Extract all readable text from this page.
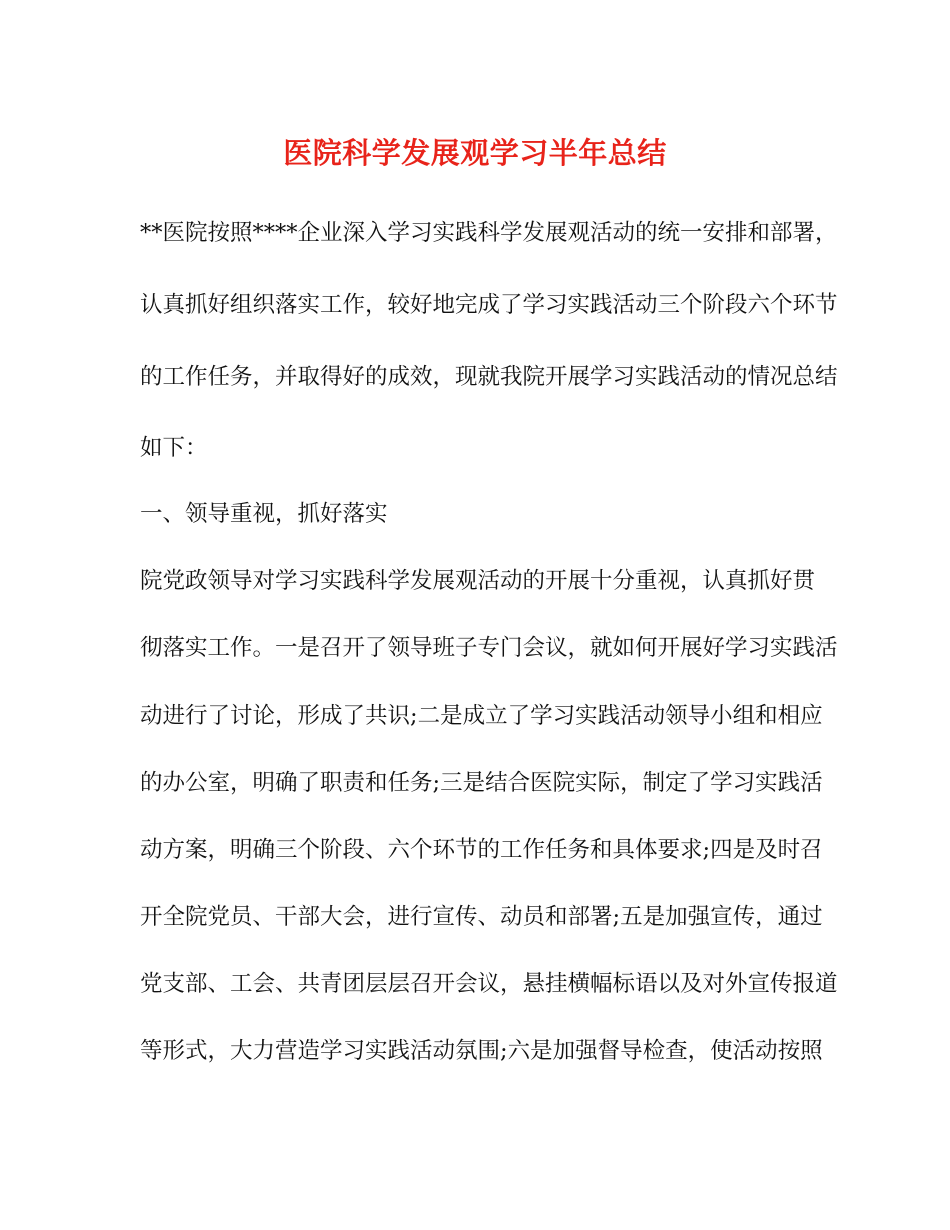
医院科学发展观学习半年总结
**医院按照****企业深入学习实践科学发展观活动的统一安排和部署，
认真抓好组织落实工作，较好地完成了学习实践活动三个阶段六个环节
的工作任务，并取得好的成效，现就我院开展学习实践活动的情况总结
如下：
一、领导重视，抓好落实
院党政领导对学习实践科学发展观活动的开展十分重视，认真抓好贯
彻落实工作。一是召开了领导班子专门会议，就如何开展好学习实践活
动进行了讨论，形成了共识;二是成立了学习实践活动领导小组和相应
的办公室，明确了职责和任务;三是结合医院实际，制定了学习实践活
动方案，明确三个阶段、六个环节的工作任务和具体要求;四是及时召
开全院党员、干部大会，进行宣传、动员和部署;五是加强宣传，通过
党支部、工会、共青团层层召开会议，悬挂横幅标语以及对外宣传报道
等形式，大力营造学习实践活动氛围;六是加强督导检查，使活动按照
